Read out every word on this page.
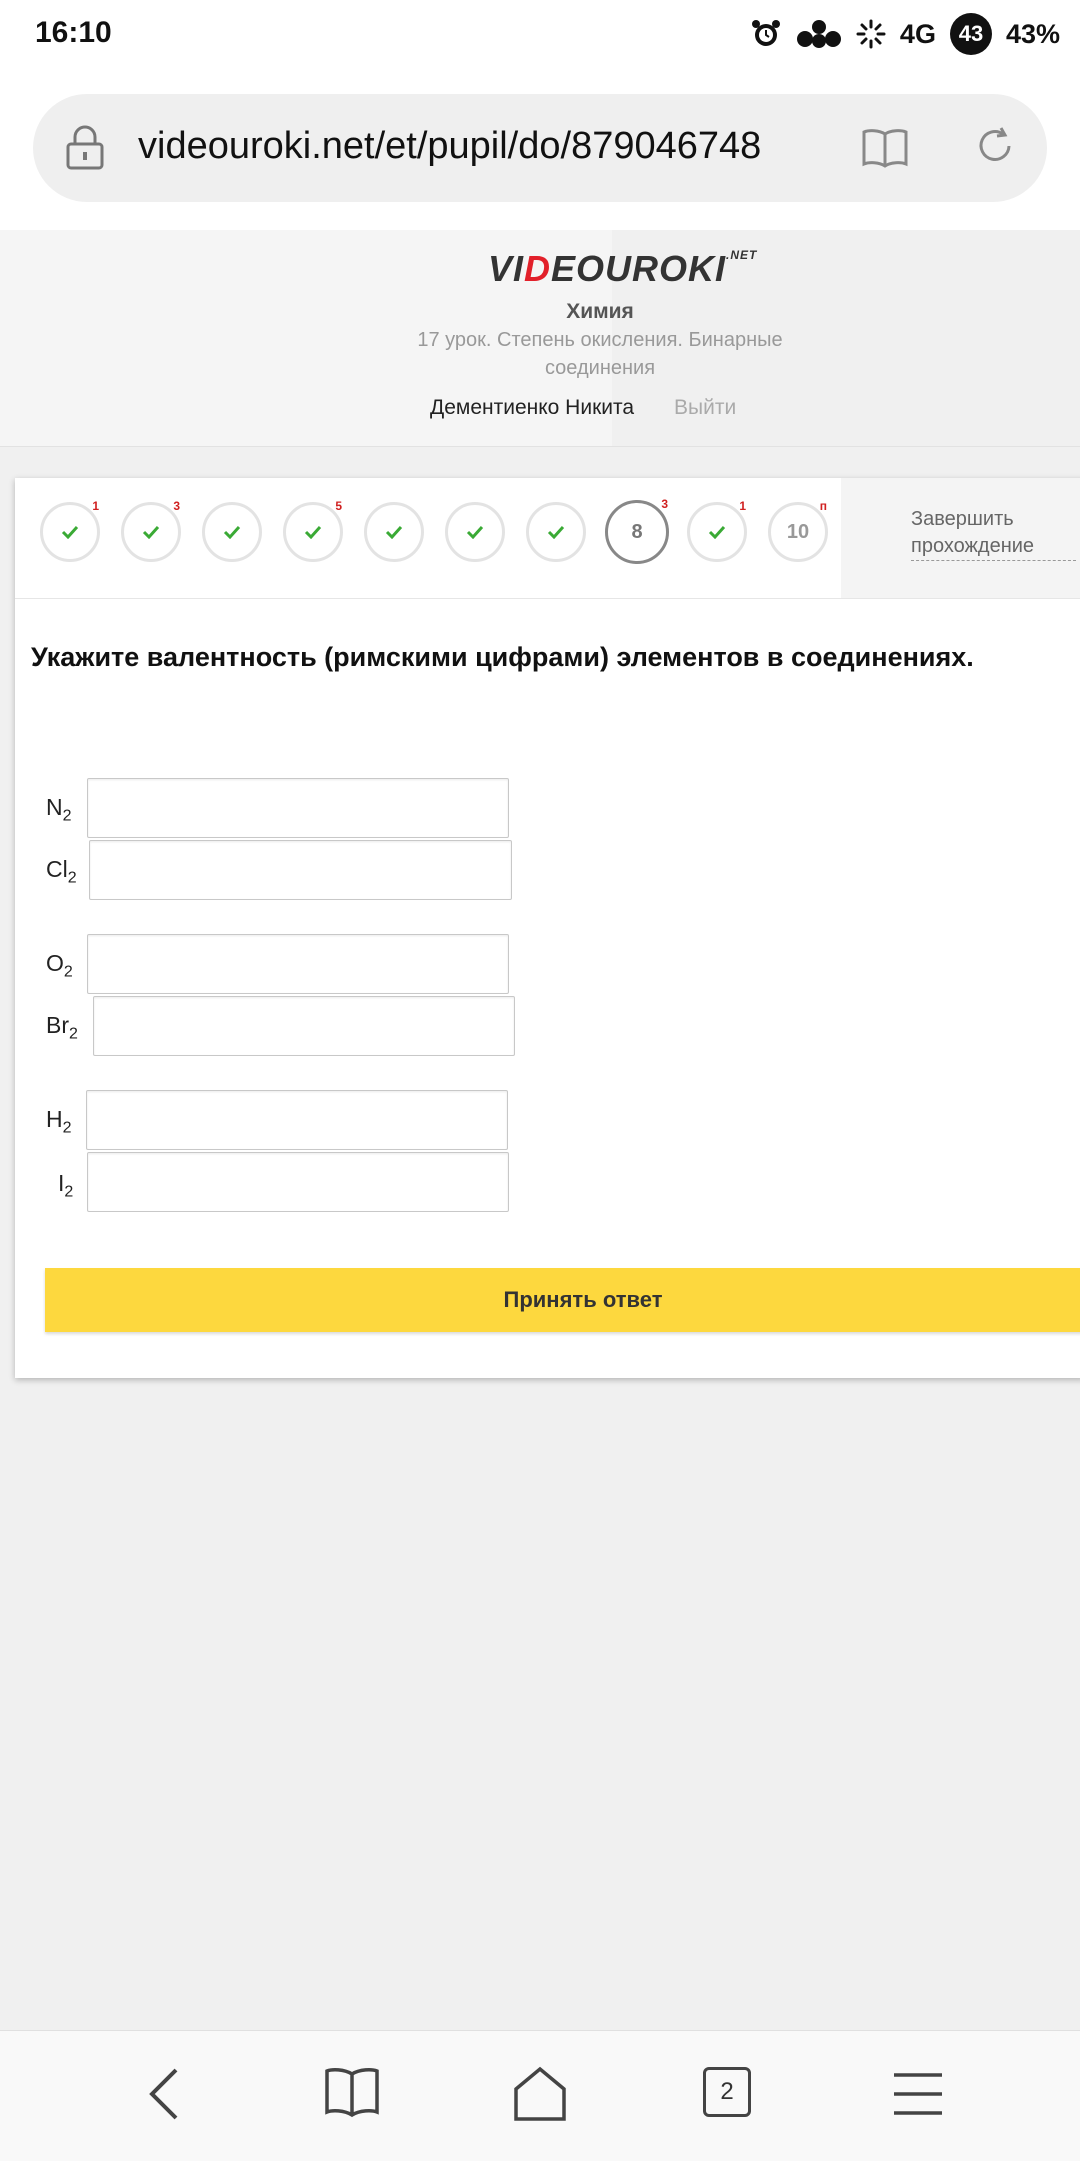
16:10	4G	43 43%
videouroki.net/et/pupil/do/879046748
$VIDEOUROKI^{.NET}$
Химия
17 урок. Степень окисления. Бинарные соединения
Дементиенко Никита Выйти
1	3	5
8
3	1
10
п
Завершить прохождение
Укажите валентность (римскими цифрами) элементов в соединениях.
$N_2$
$Cl_2$
$O_2$
$Br_2$
$H_2$
$I_2$
Принять ответ
2
